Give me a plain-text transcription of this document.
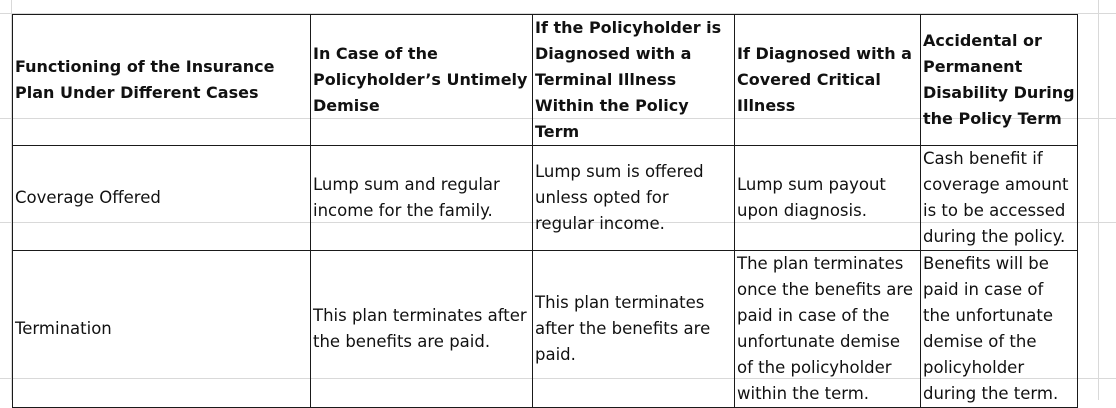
Functioning of the Insurance Plan Under Different Cases	In Case of the Policyholder’s Untimely Demise	If the Policyholder is Diagnosed with a Terminal Illness Within the Policy Term	If Diagnosed with a Covered Critical Illness	Accidental or Permanent Disability During the Policy Term

Coverage Offered	Lump sum and regular income for the family.	Lump sum is offered unless opted for regular income.	Lump sum payout upon diagnosis.	Cash benefit if coverage amount is to be accessed during the policy.

Termination	This plan terminates after the benefits are paid.	This plan terminates after the benefits are paid.	The plan terminates once the benefits are paid in case of the unfortunate demise of the policyholder within the term.	Benefits will be paid in case of the unfortunate demise of the policyholder during the term.
